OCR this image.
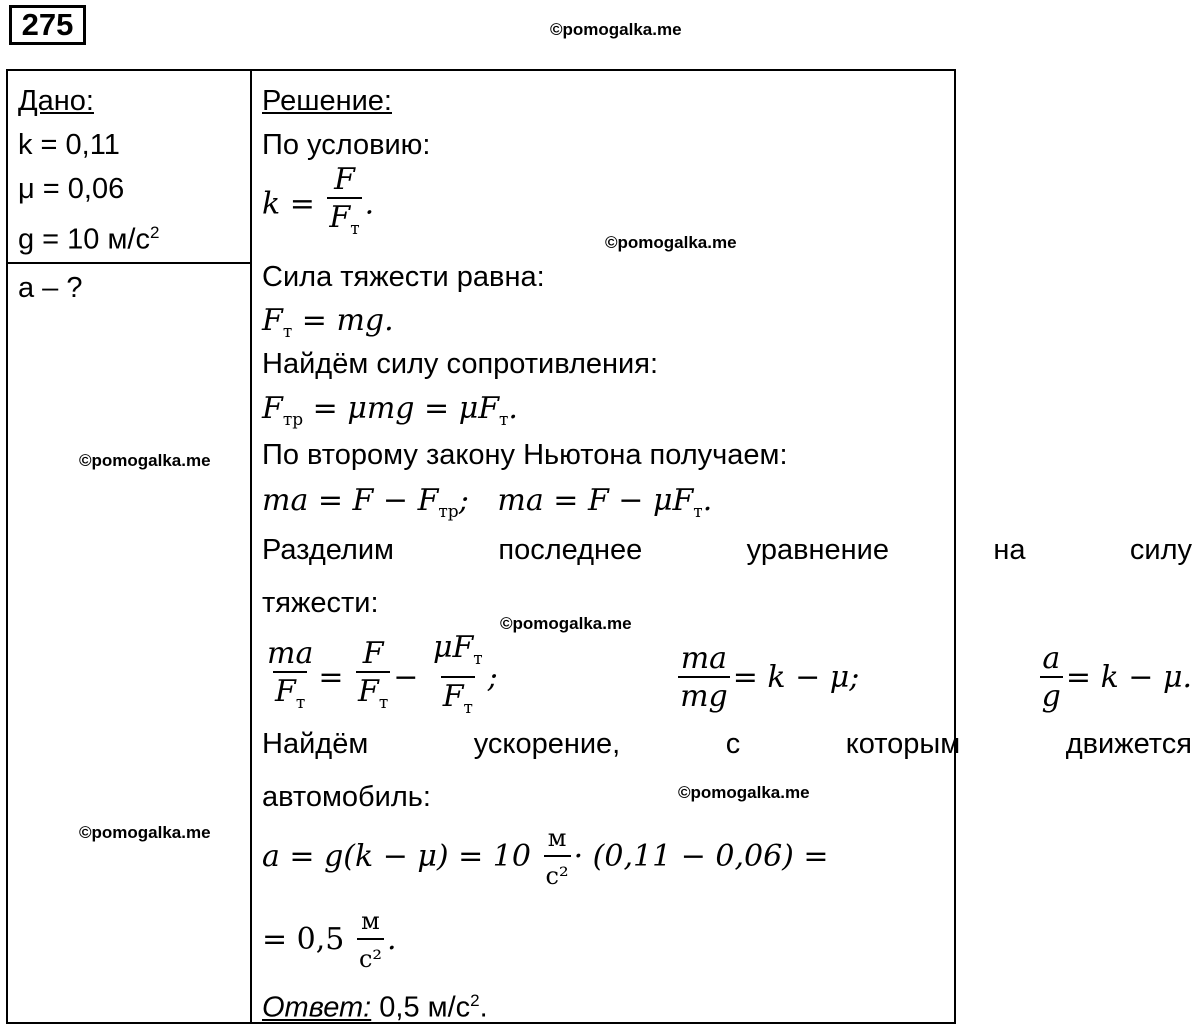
275	©pomogalka.me
©pomogalka.me
©pomogalka.me
©pomogalka.me
©pomogalka.me
©pomogalka.me
Дано:
k = 0,11
μ = 0,06
g = 10 $м/с^2$

Решение:
По условию:
$k = \frac{F}{F_т}$ .
Сила тяжести равна:
$F_т$ = mg.
Найдём силу сопротивления:
$F_{тр} = \mu mg = \mu F_т$.
По второму закону Ньютона получаем:
ma = $F - F_{тр}$;   ma = $F - \mu F_т$.
Разделим	последнее	уравнение	на	силу
тяжести:
$\frac{ma}{F_т} = \frac{F}{F_т} - \frac{\mu F_т}{F_т}$ ;	$\frac{ma}{mg} = k - \mu$;	$\frac{a}{g} = k - \mu$.
Найдём	ускорение,	с	которым	движется
автомобиль:
$a = g(k - \mu) = 10 \frac{м}{\text{с²}} \cdot (0,11 - 0,06)$ =
= $0,5 \frac{м}{\text{с²}}$ .
Ответ: 0,5 $м/с^2$.

a – ?
